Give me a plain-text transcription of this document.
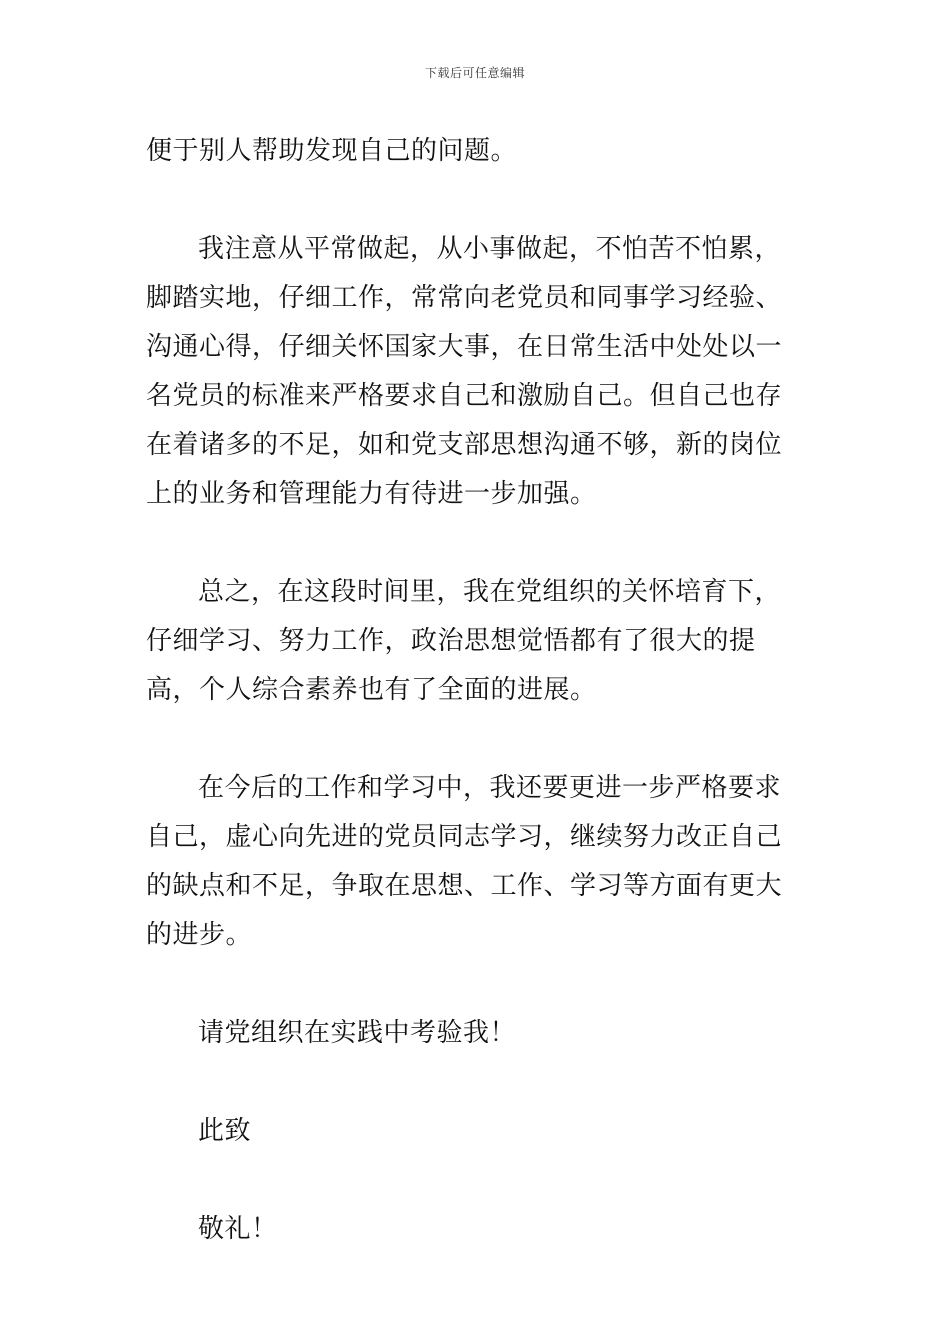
下载后可任意编辑

便于别人帮助发现自己的问题。

我注意从平常做起，从小事做起，不怕苦不怕累，脚踏实地，仔细工作，常常向老党员和同事学习经验、沟通心得，仔细关怀国家大事，在日常生活中处处以一名党员的标准来严格要求自己和激励自己。但自己也存在着诸多的不足，如和党支部思想沟通不够，新的岗位上的业务和管理能力有待进一步加强。

总之，在这段时间里，我在党组织的关怀培育下，仔细学习、努力工作，政治思想觉悟都有了很大的提高，个人综合素养也有了全面的进展。

在今后的工作和学习中，我还要更进一步严格要求自己，虚心向先进的党员同志学习，继续努力改正自己的缺点和不足，争取在思想、工作、学习等方面有更大的进步。

请党组织在实践中考验我！

此致

敬礼！
